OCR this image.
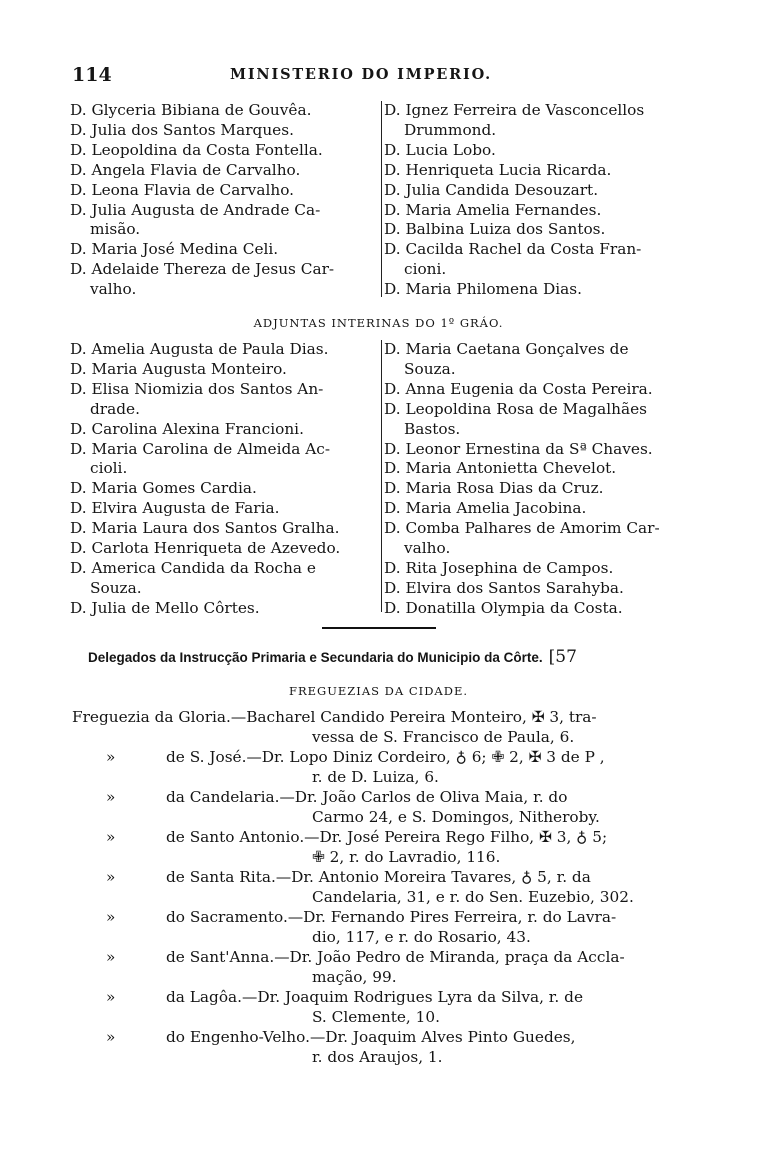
114	MINISTERIO DO IMPERIO.
D. Glyceria Bibiana de Gouvêa.
D. Julia dos Santos Marques.
D. Leopoldina da Costa Fontella.
D. Angela Flavia de Carvalho.
D. Leona Flavia de Carvalho.
D. Julia Augusta de Andrade Ca-
misão.
D. Maria José Medina Celi.
D. Adelaide Thereza de Jesus Car-
valho.
D. Ignez Ferreira de Vasconcellos
Drummond.
D. Lucia Lobo.
D. Henriqueta Lucia Ricarda.
D. Julia Candida Desouzart.
D. Maria Amelia Fernandes.
D. Balbina Luiza dos Santos.
D. Cacilda Rachel da Costa Fran-
cioni.
D. Maria Philomena Dias.
ADJUNTAS INTERINAS DO 1º GRÁO.
D. Amelia Augusta de Paula Dias.
D. Maria Augusta Monteiro.
D. Elisa Niomizia dos Santos An-
drade.
D. Carolina Alexina Francioni.
D. Maria Carolina de Almeida Ac-
cioli.
D. Maria Gomes Cardia.
D. Elvira Augusta de Faria.
D. Maria Laura dos Santos Gralha.
D. Carlota Henriqueta de Azevedo.
D. America Candida da Rocha e
Souza.
D. Julia de Mello Côrtes.
D. Maria Caetana Gonçalves de
Souza.
D. Anna Eugenia da Costa Pereira.
D. Leopoldina Rosa de Magalhães
Bastos.
D. Leonor Ernestina da Sª Chaves.
D. Maria Antonietta Chevelot.
D. Maria Rosa Dias da Cruz.
D. Maria Amelia Jacobina.
D. Comba Palhares de Amorim Car-
valho.
D. Rita Josephina de Campos.
D. Elvira dos Santos Sarahyba.
D. Donatilla Olympia da Costa.
Delegados da Instrucção Primaria e Secundaria do Municipio da Côrte. [57
FREGUEZIAS DA CIDADE.
Freguezia da Gloria.—Bacharel Candido Pereira Monteiro, ✠ 3, tra-
vessa de S. Francisco de Paula, 6.
»	de S. José.—Dr. Lopo Diniz Cordeiro, ♁ 6; ✙ 2, ✠ 3 de P ,
r. de D. Luiza, 6.
»	da Candelaria.—Dr. João Carlos de Oliva Maia, r. do
Carmo 24, e S. Domingos, Nitheroby.
»	de Santo Antonio.—Dr. José Pereira Rego Filho, ✠ 3, ♁ 5;
✙ 2, r. do Lavradio, 116.
»	de Santa Rita.—Dr. Antonio Moreira Tavares, ♁ 5, r. da
Candelaria, 31, e r. do Sen. Euzebio, 302.
»	do Sacramento.—Dr. Fernando Pires Ferreira, r. do Lavra-
dio, 117, e r. do Rosario, 43.
»	de Sant'Anna.—Dr. João Pedro de Miranda, praça da Accla-
mação, 99.
»	da Lagôa.—Dr. Joaquim Rodrigues Lyra da Silva, r. de
S. Clemente, 10.
»	do Engenho-Velho.—Dr. Joaquim Alves Pinto Guedes,
r. dos Araujos, 1.
